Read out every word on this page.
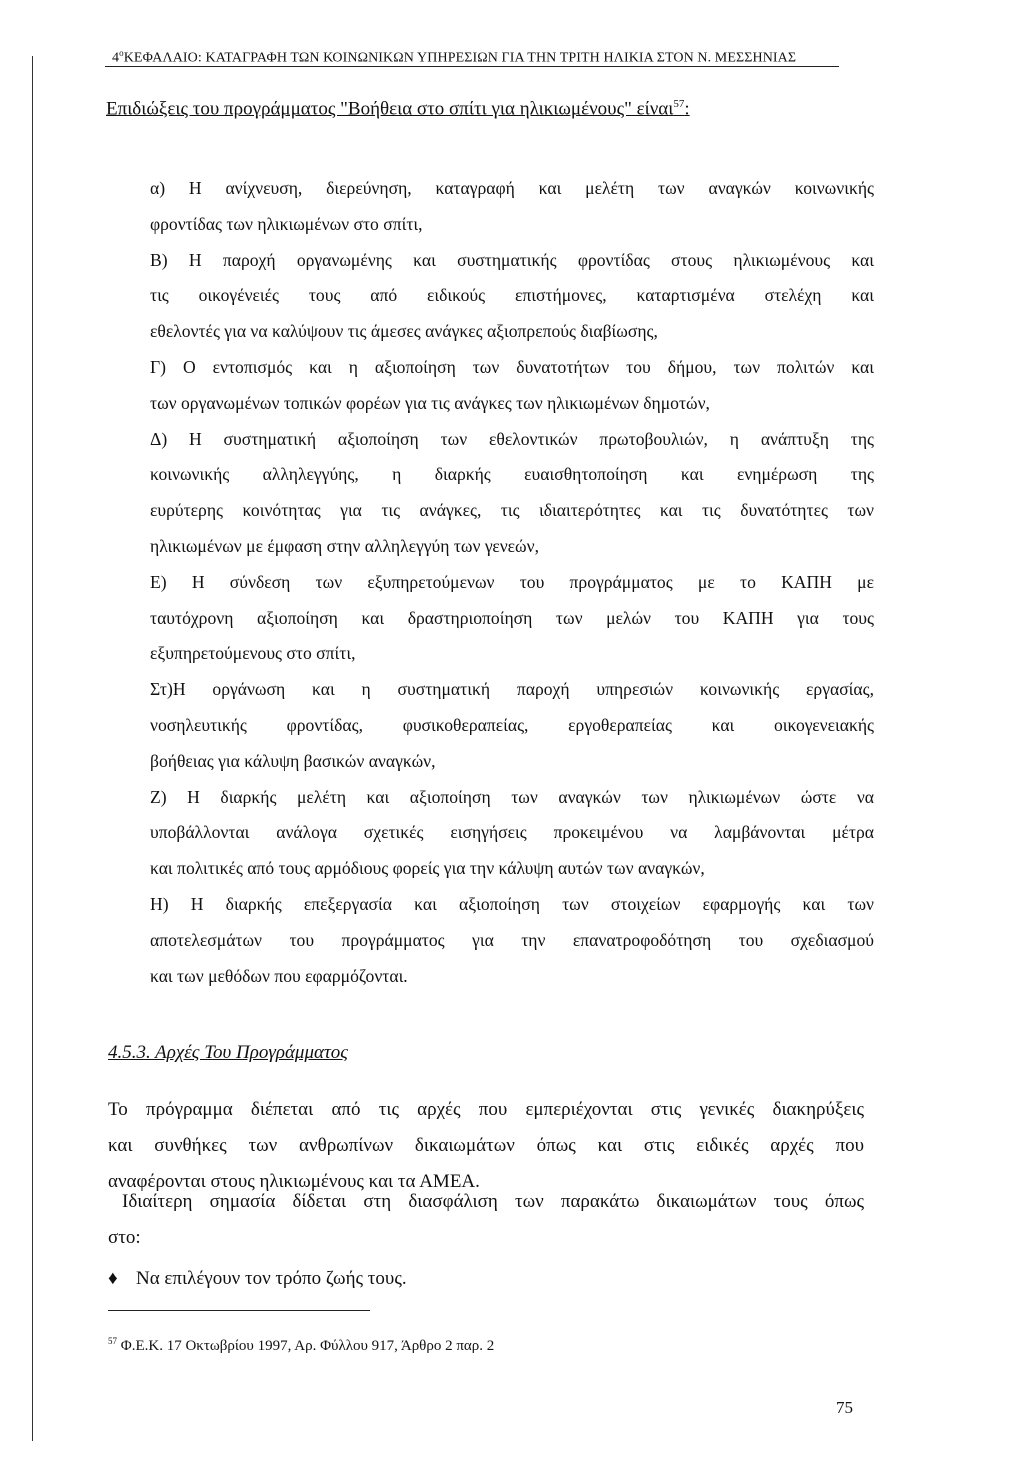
$4^oKE\Phi A\Lambda AIO$: ΚΑΤΑΓΡΑΦΗ ΤΩΝ ΚΟΙΝΩΝΙΚΩΝ ΥΠΗΡΕΣΙΩΝ ΓΙΑ ΤΗΝ ΤΡΙΤΗ ΗΛΙΚΙΑ ΣΤΟΝ Ν. ΜΕΣΣΗΝΙΑΣ
Επιδιώξεις του προγράμματος "Βοήθεια στο σπίτι για ηλικιωμένους" είναι$^{57}$:
α) Η ανίχνευση, διερεύνηση, καταγραφή και μελέτη των αναγκών κοινωνικής
φροντίδας των ηλικιωμένων στο σπίτι,
Β) Η παροχή οργανωμένης και συστηματικής φροντίδας στους ηλικιωμένους και
τις οικογένειές τους από ειδικούς επιστήμονες, καταρτισμένα στελέχη και
εθελοντές για να καλύψουν τις άμεσες ανάγκες αξιοπρεπούς διαβίωσης,
Γ) Ο εντοπισμός και η αξιοποίηση των δυνατοτήτων του δήμου, των πολιτών και
των οργανωμένων τοπικών φορέων για τις ανάγκες των ηλικιωμένων δημοτών,
Δ) Η συστηματική αξιοποίηση των εθελοντικών πρωτοβουλιών, η ανάπτυξη της
κοινωνικής αλληλεγγύης, η διαρκής ευαισθητοποίηση και ενημέρωση της
ευρύτερης κοινότητας για τις ανάγκες, τις ιδιαιτερότητες και τις δυνατότητες των
ηλικιωμένων με έμφαση στην αλληλεγγύη των γενεών,
Ε) Η σύνδεση των εξυπηρετούμενων του προγράμματος με το ΚΑΠΗ με
ταυτόχρονη αξιοποίηση και δραστηριοποίηση των μελών του ΚΑΠΗ για τους
εξυπηρετούμενους στο σπίτι,
Στ)Η οργάνωση και η συστηματική παροχή υπηρεσιών κοινωνικής εργασίας,
νοσηλευτικής φροντίδας, φυσικοθεραπείας, εργοθεραπείας και οικογενειακής
βοήθειας για κάλυψη βασικών αναγκών,
Ζ) Η διαρκής μελέτη και αξιοποίηση των αναγκών των ηλικιωμένων ώστε να
υποβάλλονται ανάλογα σχετικές εισηγήσεις προκειμένου να λαμβάνονται μέτρα
και πολιτικές από τους αρμόδιους φορείς για την κάλυψη αυτών των αναγκών,
Η) Η διαρκής επεξεργασία και αξιοποίηση των στοιχείων εφαρμογής και των
αποτελεσμάτων του προγράμματος για την επανατροφοδότηση του σχεδιασμού
και των μεθόδων που εφαρμόζονται.
4.5.3. Αρχές Του Προγράμματος
Το πρόγραμμα διέπεται από τις αρχές που εμπεριέχονται στις γενικές διακηρύξεις
και συνθήκες των ανθρωπίνων δικαιωμάτων όπως και στις ειδικές αρχές που
αναφέρονται στους ηλικιωμένους και τα ΑΜΕΑ.
Ιδιαίτερη σημασία δίδεται στη διασφάλιση των παρακάτω δικαιωμάτων τους όπως
στο:
♦ Να επιλέγουν τον τρόπο ζωής τους.
$^{57}$ Φ.Ε.Κ. 17 Οκτωβρίου 1997, Αρ. Φύλλου 917, Άρθρο 2 παρ. 2
75
